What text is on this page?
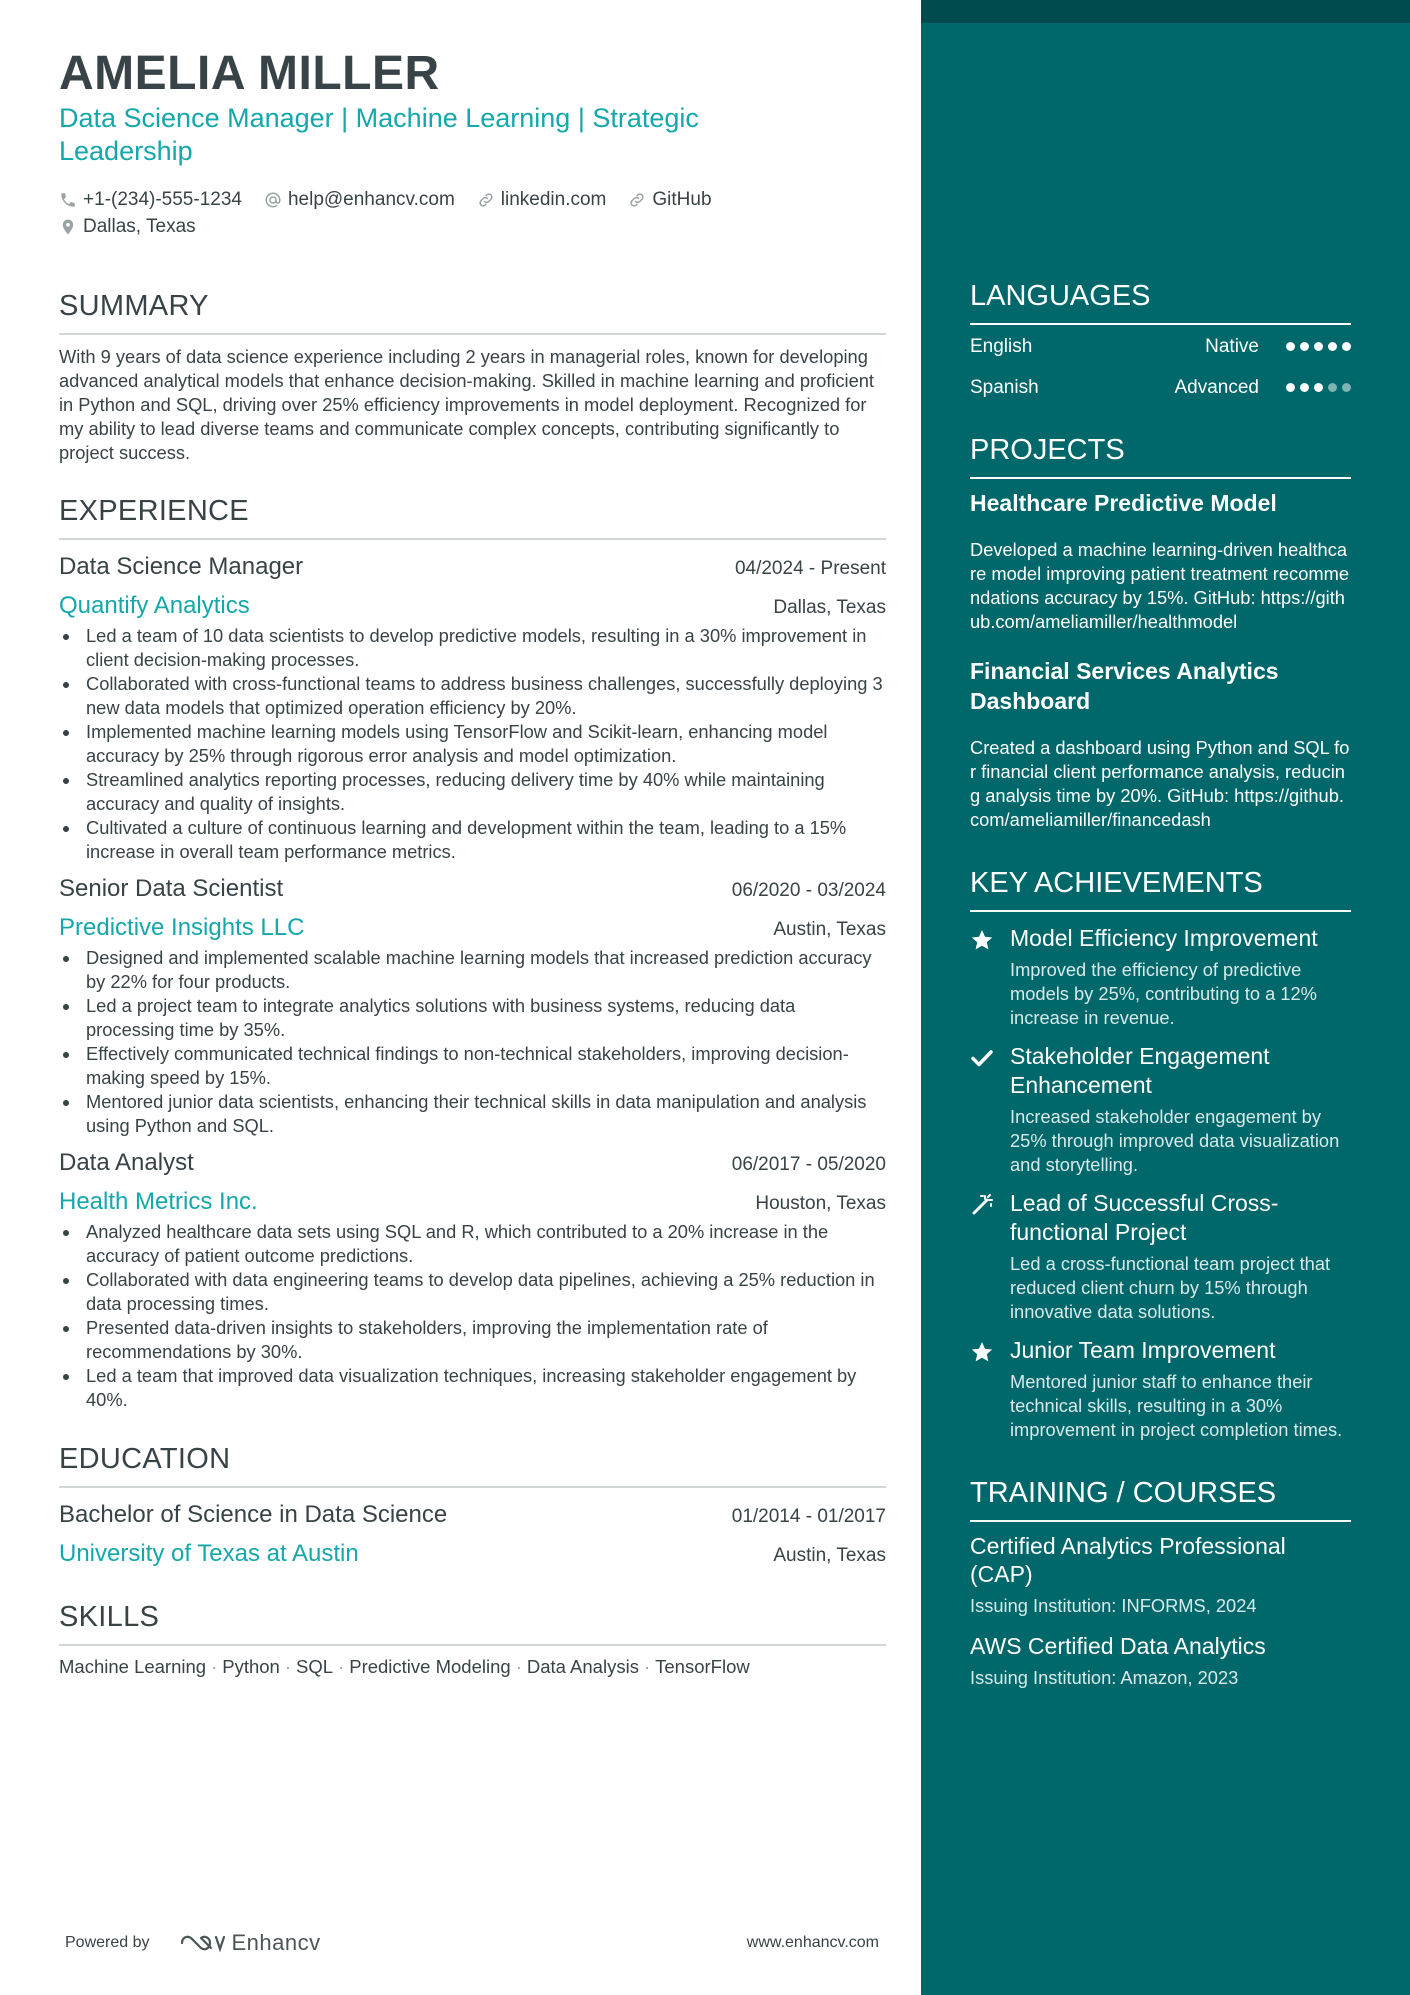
AMELIA MILLER
Data Science Manager | Machine Learning | Strategic Leadership
+1-(234)-555-1234 help@enhancv.com linkedin.com GitHub
Dallas, Texas
SUMMARY
With 9 years of data science experience including 2 years in managerial roles, known for developing advanced analytical models that enhance decision-making. Skilled in machine learning and proficient in Python and SQL, driving over 25% efficiency improvements in model deployment. Recognized for my ability to lead diverse teams and communicate complex concepts, contributing significantly to project success.
EXPERIENCE
Data Science Manager	04/2024 - Present
Quantify Analytics	Dallas, Texas
Led a team of 10 data scientists to develop predictive models, resulting in a 30% improvement in client decision-making processes.
Collaborated with cross-functional teams to address business challenges, successfully deploying 3 new data models that optimized operation efficiency by 20%.
Implemented machine learning models using TensorFlow and Scikit-learn, enhancing model accuracy by 25% through rigorous error analysis and model optimization.
Streamlined analytics reporting processes, reducing delivery time by 40% while maintaining accuracy and quality of insights.
Cultivated a culture of continuous learning and development within the team, leading to a 15% increase in overall team performance metrics.
Senior Data Scientist	06/2020 - 03/2024
Predictive Insights LLC	Austin, Texas
Designed and implemented scalable machine learning models that increased prediction accuracy by 22% for four products.
Led a project team to integrate analytics solutions with business systems, reducing data processing time by 35%.
Effectively communicated technical findings to non-technical stakeholders, improving decision-making speed by 15%.
Mentored junior data scientists, enhancing their technical skills in data manipulation and analysis using Python and SQL.
Data Analyst	06/2017 - 05/2020
Health Metrics Inc.	Houston, Texas
Analyzed healthcare data sets using SQL and R, which contributed to a 20% increase in the accuracy of patient outcome predictions.
Collaborated with data engineering teams to develop data pipelines, achieving a 25% reduction in data processing times.
Presented data-driven insights to stakeholders, improving the implementation rate of recommendations by 30%.
Led a team that improved data visualization techniques, increasing stakeholder engagement by 40%.
EDUCATION
Bachelor of Science in Data Science	01/2014 - 01/2017
University of Texas at Austin	Austin, Texas
SKILLS
Machine Learning · Python · SQL · Predictive Modeling · Data Analysis · TensorFlow
Powered by	Enhancv	www.enhancv.com
LANGUAGES
English	Native
Spanish	Advanced
PROJECTS
Healthcare Predictive Model
Developed a machine learning-driven healthcare model improving patient treatment recommendations accuracy by 15%. GitHub: https://github.com/ameliamiller/healthmodel
Financial Services Analytics Dashboard
Created a dashboard using Python and SQL for financial client performance analysis, reducing analysis time by 20%. GitHub: https://github.com/ameliamiller/financedash
KEY ACHIEVEMENTS
Model Efficiency Improvement
Improved the efficiency of predictive models by 25%, contributing to a 12% increase in revenue.
Stakeholder Engagement Enhancement
Increased stakeholder engagement by 25% through improved data visualization and storytelling.
Lead of Successful Cross-functional Project
Led a cross-functional team project that reduced client churn by 15% through innovative data solutions.
Junior Team Improvement
Mentored junior staff to enhance their technical skills, resulting in a 30% improvement in project completion times.
TRAINING / COURSES
Certified Analytics Professional (CAP)
Issuing Institution: INFORMS, 2024
AWS Certified Data Analytics
Issuing Institution: Amazon, 2023
